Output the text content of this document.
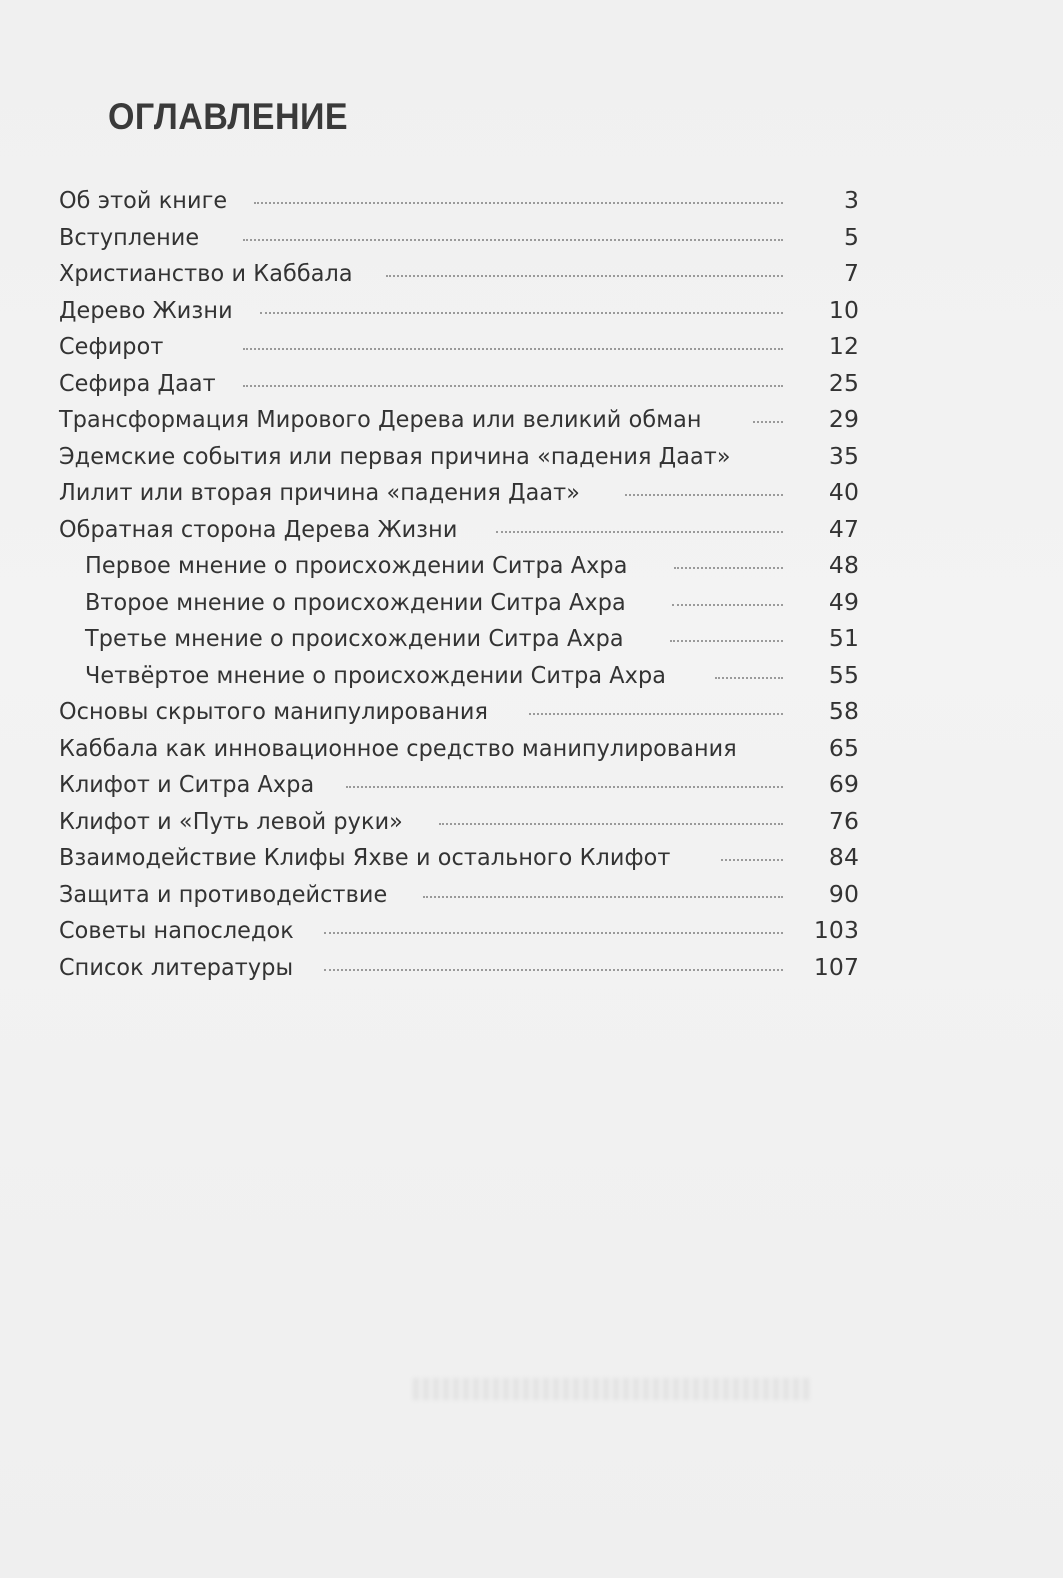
ОГЛАВЛЕНИЕ
Об этой книге	3
Вступление	5
Христианство и Каббала	7
Дерево Жизни	10
Сефирот	12
Сефира Даат	25
Трансформация Мирового Дерева или великий обман	29
Эдемские события или первая причина «падения Даат»	35
Лилит или вторая причина «падения Даат»	40
Обратная сторона Дерева Жизни	47
Первое мнение о происхождении Ситра Ахра	48
Второе мнение о происхождении Ситра Ахра	49
Третье мнение о происхождении Ситра Ахра	51
Четвёртое мнение о происхождении Ситра Ахра	55
Основы скрытого манипулирования	58
Каббала как инновационное средство манипулирования	65
Клифот и Ситра Ахра	69
Клифот и «Путь левой руки»	76
Взаимодействие Клифы Яхве и остального Клифот	84
Защита и противодействие	90
Советы напоследок	103
Список литературы	107
